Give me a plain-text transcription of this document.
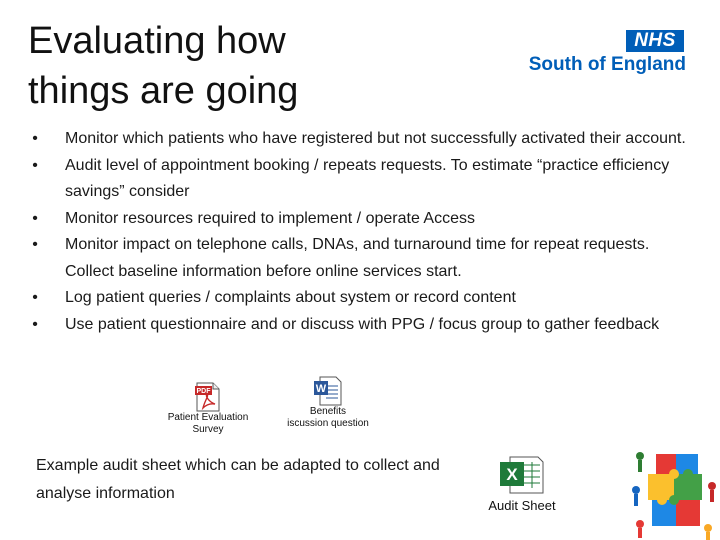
Evaluating how
things are going
NHS
South of England
• Monitor which patients who have registered but not successfully activated their account.
• Audit level of appointment booking / repeats requests. To estimate “practice efficiency savings” consider
• Monitor resources required to implement / operate Access
• Monitor impact on telephone calls, DNAs, and turnaround time for repeat requests. Collect baseline information before online services start.
• Log patient queries / complaints about system or record content
• Use patient questionnaire and or discuss with PPG / focus group to gather feedback
PDF
Patient Evaluation
Survey
W
Benefits
iscussion question
Example audit sheet which can be adapted to collect and analyse information
X
Audit Sheet
